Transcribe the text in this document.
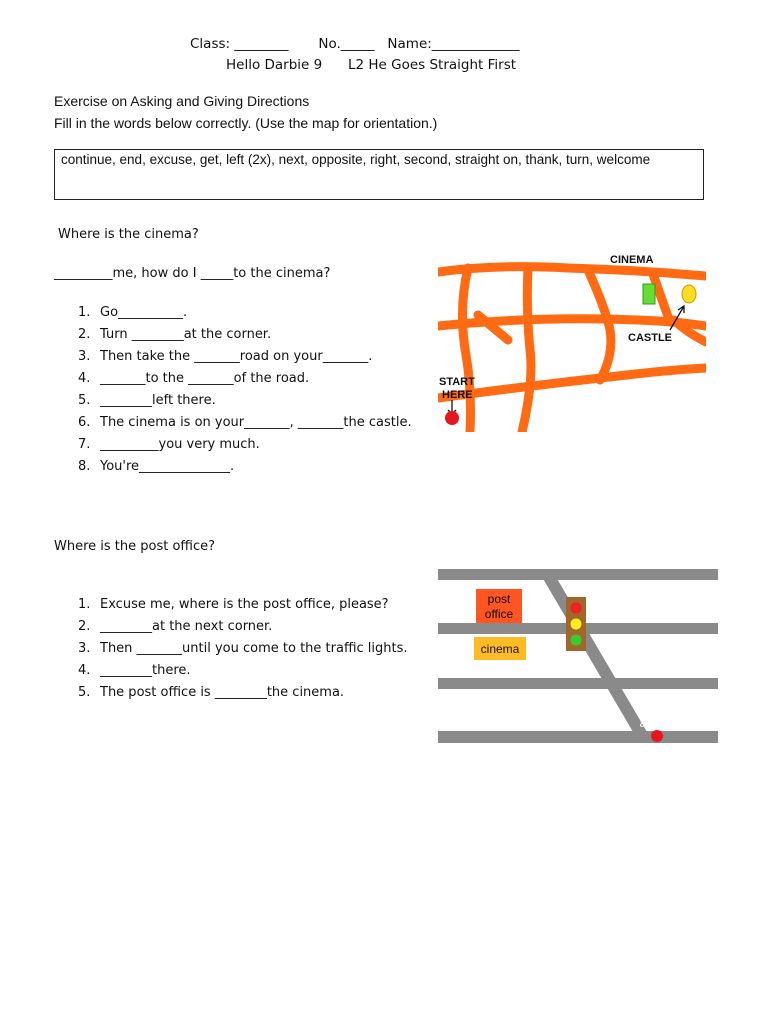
Class: ________       No._____   Name:_____________
Hello Darbie 9      L2 He Goes Straight First
Exercise on Asking and Giving Directions
Fill in the words below correctly. (Use the map for orientation.)
continue, end, excuse, get, left (2x), next, opposite, right, second, straight on, thank, turn, welcome
Where is the cinema?
_________me, how do I _____to the cinema?
1. Go__________.
2. Turn ________at the corner.
3. Then take the _______road on your_______.
4. _______to the _______of the road.
5. ________left there.
6. The cinema is on your_______, _______the castle.
7. _________you very much.
8. You're______________.
CINEMA
CASTLE
START
HERE
Where is the post office?
1. Excuse me, where is the post office, please?
2. ________at the next corner.
3. Then _______until you come to the traffic lights.
4. ________there.
5. The post office is ________the cinema.
post
office
cinema
you
are here
